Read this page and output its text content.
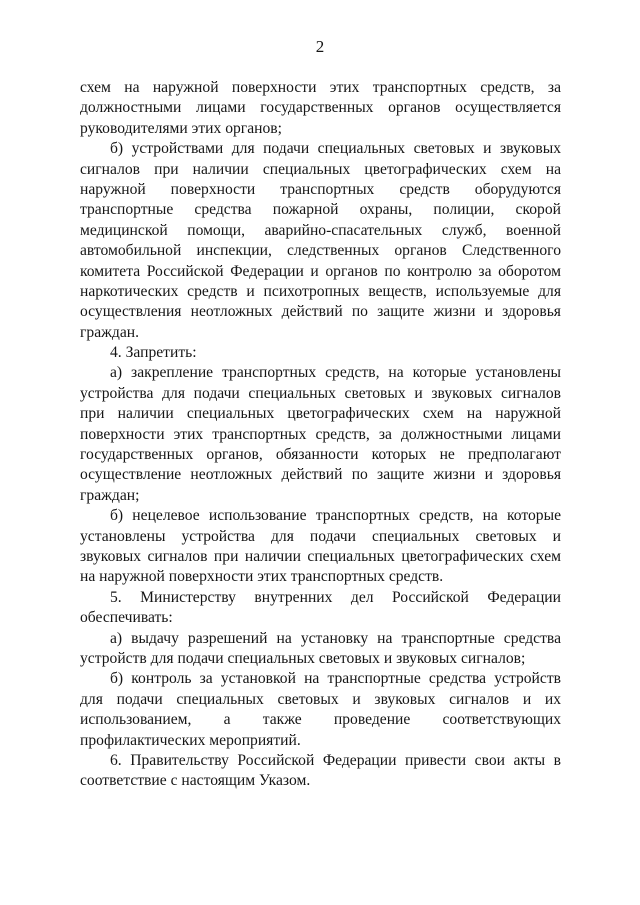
2
схем на наружной поверхности этих транспортных средств, за
должностными лицами государственных органов осуществляется
руководителями этих органов;
б) устройствами для подачи специальных световых и звуковых
сигналов при наличии специальных цветографических схем на
наружной поверхности транспортных средств оборудуются
транспортные средства пожарной охраны, полиции, скорой
медицинской помощи, аварийно-спасательных служб, военной
автомобильной инспекции, следственных органов Следственного
комитета Российской Федерации и органов по контролю за оборотом
наркотических средств и психотропных веществ, используемые для
осуществления неотложных действий по защите жизни и здоровья
граждан.
4. Запретить:
а) закрепление транспортных средств, на которые установлены
устройства для подачи специальных световых и звуковых сигналов
при наличии специальных цветографических схем на наружной
поверхности этих транспортных средств, за должностными лицами
государственных органов, обязанности которых не предполагают
осуществление неотложных действий по защите жизни и здоровья
граждан;
б) нецелевое использование транспортных средств, на которые
установлены устройства для подачи специальных световых и
звуковых сигналов при наличии специальных цветографических схем
на наружной поверхности этих транспортных средств.
5. Министерству внутренних дел Российской Федерации
обеспечивать:
а) выдачу разрешений на установку на транспортные средства
устройств для подачи специальных световых и звуковых сигналов;
б) контроль за установкой на транспортные средства устройств
для подачи специальных световых и звуковых сигналов и их
использованием, а также проведение соответствующих
профилактических мероприятий.
6. Правительству Российской Федерации привести свои акты в
соответствие с настоящим Указом.
